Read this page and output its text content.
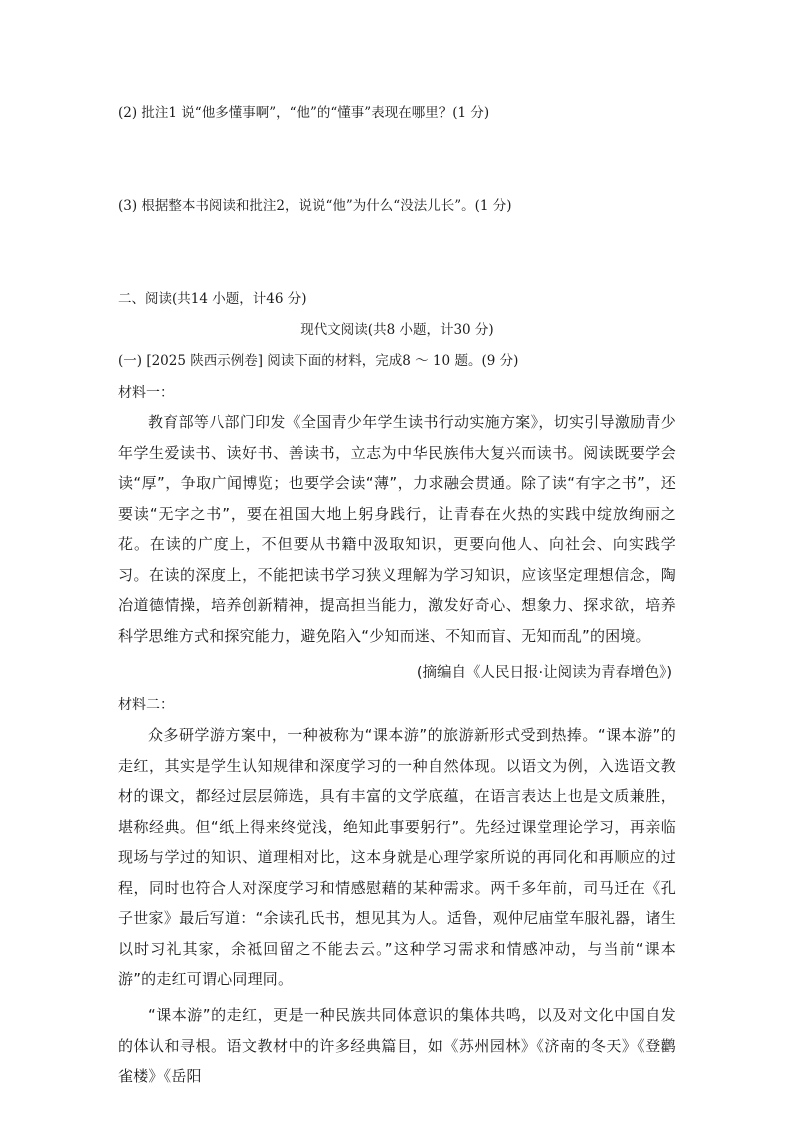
(2) 批注1 说“他多懂事啊”，“他”的“懂事”表现在哪里？(1 分)
(3) 根据整本书阅读和批注2，说说“他”为什么“没法儿长”。(1 分)
二、阅读(共14 小题，计46 分)
现代文阅读(共8 小题，计30 分)
(一) [2025 陕西示例卷] 阅读下面的材料，完成8 ～ 10 题。(9 分)
材料一：
教育部等八部门印发《全国青少年学生读书行动实施方案》，切实引导激励青少年学生爱读书、读好书、善读书，立志为中华民族伟大复兴而读书。阅读既要学会读“厚”，争取广闻博览；也要学会读“薄”，力求融会贯通。除了读“有字之书”，还要读“无字之书”，要在祖国大地上躬身践行，让青春在火热的实践中绽放绚丽之花。在读的广度上，不但要从书籍中汲取知识，更要向他人、向社会、向实践学习。在读的深度上，不能把读书学习狭义理解为学习知识，应该坚定理想信念，陶冶道德情操，培养创新精神，提高担当能力，激发好奇心、想象力、探求欲，培养科学思维方式和探究能力，避免陷入“少知而迷、不知而盲、无知而乱”的困境。
(摘编自《人民日报·让阅读为青春增色》)
材料二：
众多研学游方案中，一种被称为“课本游”的旅游新形式受到热捧。“课本游”的走红，其实是学生认知规律和深度学习的一种自然体现。以语文为例，入选语文教材的课文，都经过层层筛选，具有丰富的文学底蕴，在语言表达上也是文质兼胜，堪称经典。但“纸上得来终觉浅，绝知此事要躬行”。先经过课堂理论学习，再亲临现场与学过的知识、道理相对比，这本身就是心理学家所说的再同化和再顺应的过程，同时也符合人对深度学习和情感慰藉的某种需求。两千多年前，司马迁在《孔子世家》最后写道：“余读孔氏书，想见其为人。适鲁，观仲尼庙堂车服礼器，诸生以时习礼其家，余祗回留之不能去云。”这种学习需求和情感冲动，与当前“课本游”的走红可谓心同理同。
“课本游”的走红，更是一种民族共同体意识的集体共鸣，以及对文化中国自发的体认和寻根。语文教材中的许多经典篇目，如《苏州园林》《济南的冬天》《登鹳雀楼》《岳阳
